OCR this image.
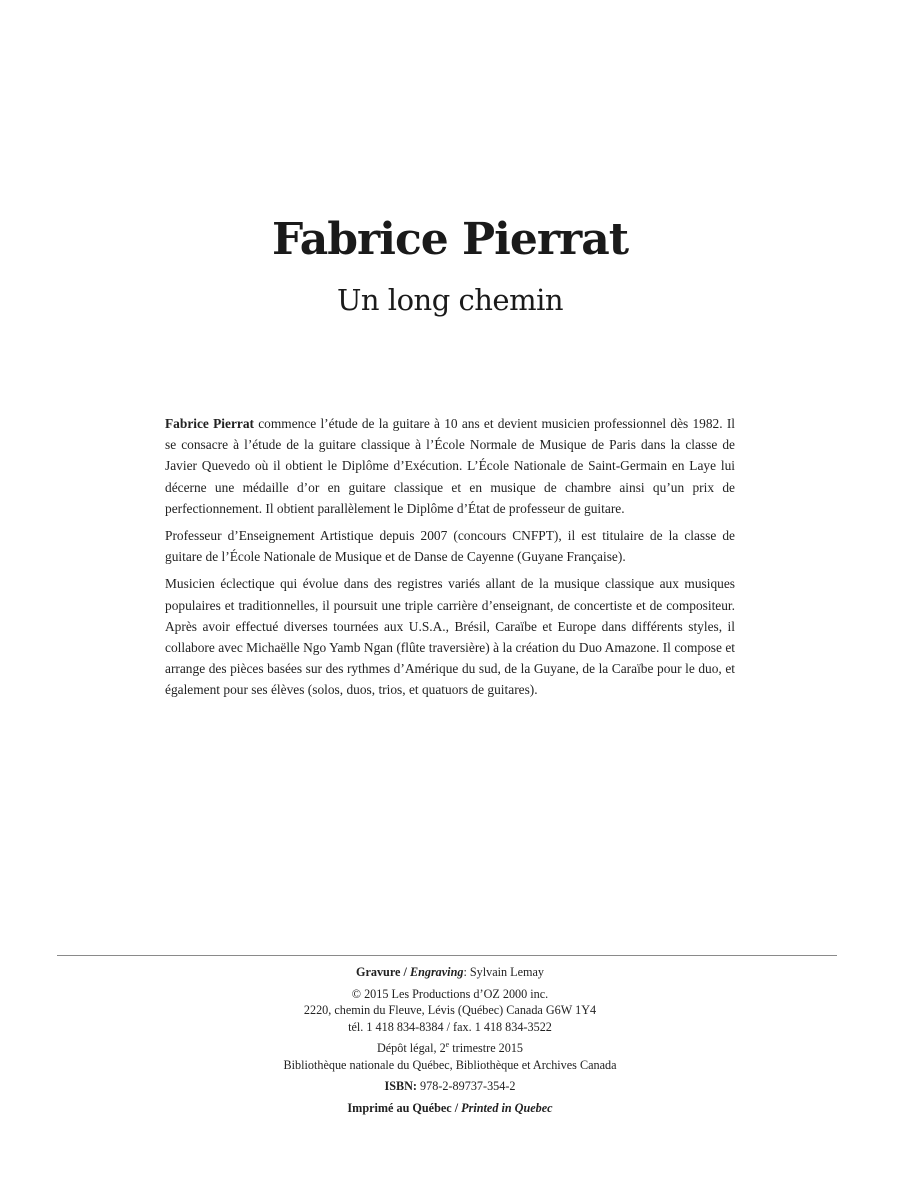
Fabrice Pierrat
Un long chemin

Fabrice Pierrat commence l’étude de la guitare à 10 ans et devient musicien professionnel dès 1982. Il se consacre à l’étude de la guitare classique à l’École Normale de Musique de Paris dans la classe de Javier Quevedo où il obtient le Diplôme d’Exécution. L’École Nationale de Saint-Germain en Laye lui décerne une médaille d’or en guitare classique et en musique de chambre ainsi qu’un prix de perfectionnement. Il obtient parallèlement le Diplôme d’État de professeur de guitare.

Professeur d’Enseignement Artistique depuis 2007 (concours CNFPT), il est titulaire de la classe de guitare de l’École Nationale de Musique et de Danse de Cayenne (Guyane Française).

Musicien éclectique qui évolue dans des registres variés allant de la musique classique aux musiques populaires et traditionnelles, il poursuit une triple carrière d’enseignant, de concertiste et de compositeur. Après avoir effectué diverses tournées aux U.S.A., Brésil, Caraïbe et Europe dans différents styles, il collabore avec Michaëlle Ngo Yamb Ngan (flûte traversière) à la création du Duo Amazone. Il compose et arrange des pièces basées sur des rythmes d’Amérique du sud, de la Guyane, de la Caraïbe pour le duo, et également pour ses élèves (solos, duos, trios, et quatuors de guitares).

Gravure / Engraving: Sylvain Lemay
© 2015 Les Productions d’OZ 2000 inc.
2220, chemin du Fleuve, Lévis (Québec) Canada G6W 1Y4
tél. 1 418 834-8384 / fax. 1 418 834-3522
Dépôt légal, 2e trimestre 2015
Bibliothèque nationale du Québec, Bibliothèque et Archives Canada
ISBN: 978-2-89737-354-2
Imprimé au Québec / Printed in Quebec
